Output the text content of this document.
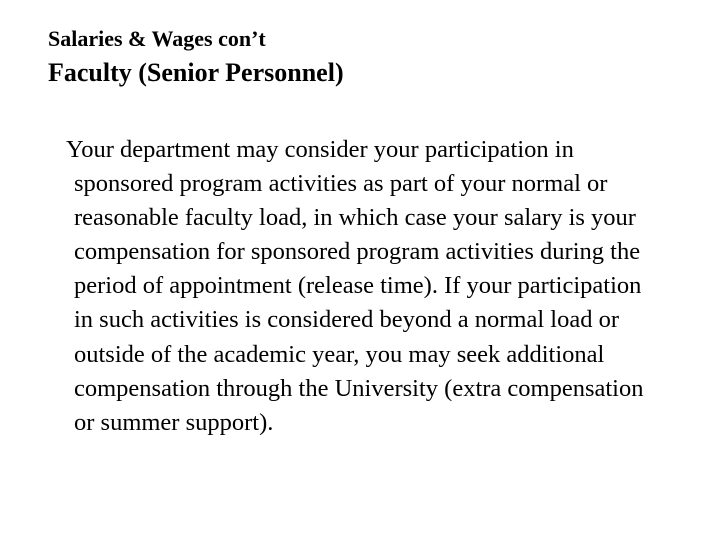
Salaries & Wages con’t
Faculty (Senior Personnel)

Your department may consider your participation in sponsored program activities as part of your normal or reasonable faculty load, in which case your salary is your compensation for sponsored program activities during the period of appointment (release time). If your participation in such activities is considered beyond a normal load or outside of the academic year, you may seek additional compensation through the University (extra compensation or summer support).
